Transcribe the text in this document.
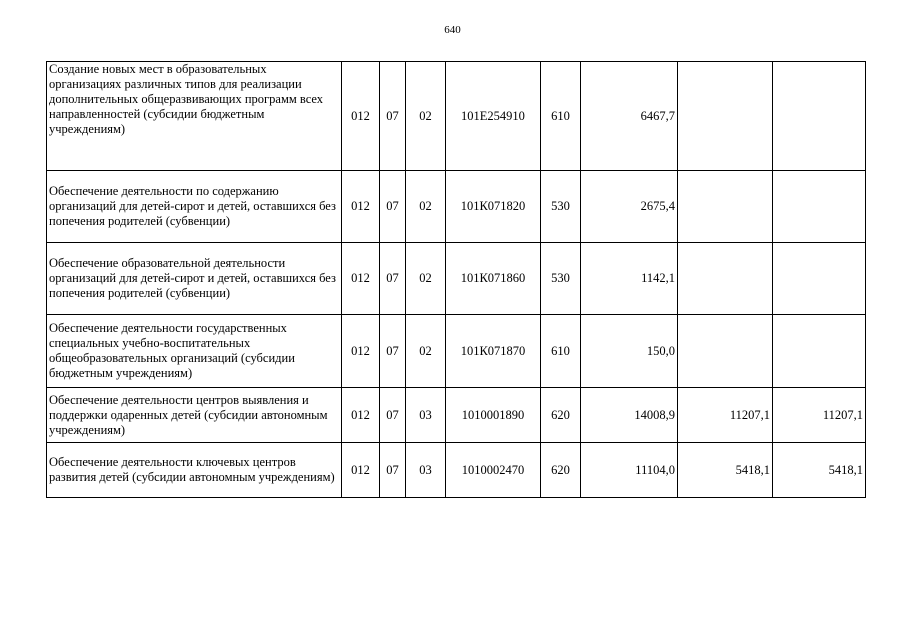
640
Создание новых мест в образовательных организациях различных типов для реализации дополнительных общеразвивающих программ всех направленностей (субсидии бюджетным учреждениям)	012	07	02	101E254910	610	6467,7		
Обеспечение деятельности по содержанию организаций для детей-сирот и детей, оставшихся без попечения родителей (субвенции)	012	07	02	101К071820	530	2675,4		
Обеспечение образовательной деятельности организаций для детей-сирот и детей, оставшихся без попечения родителей (субвенции)	012	07	02	101К071860	530	1142,1		
Обеспечение деятельности государственных специальных учебно-воспитательных общеобразовательных организаций (субсидии бюджетным учреждениям)	012	07	02	101К071870	610	150,0		
Обеспечение деятельности центров выявления и поддержки одаренных детей (субсидии автономным учреждениям)	012	07	03	1010001890	620	14008,9	11207,1	11207,1
Обеспечение деятельности ключевых центров развития детей (субсидии автономным учреждениям)	012	07	03	1010002470	620	11104,0	5418,1	5418,1
